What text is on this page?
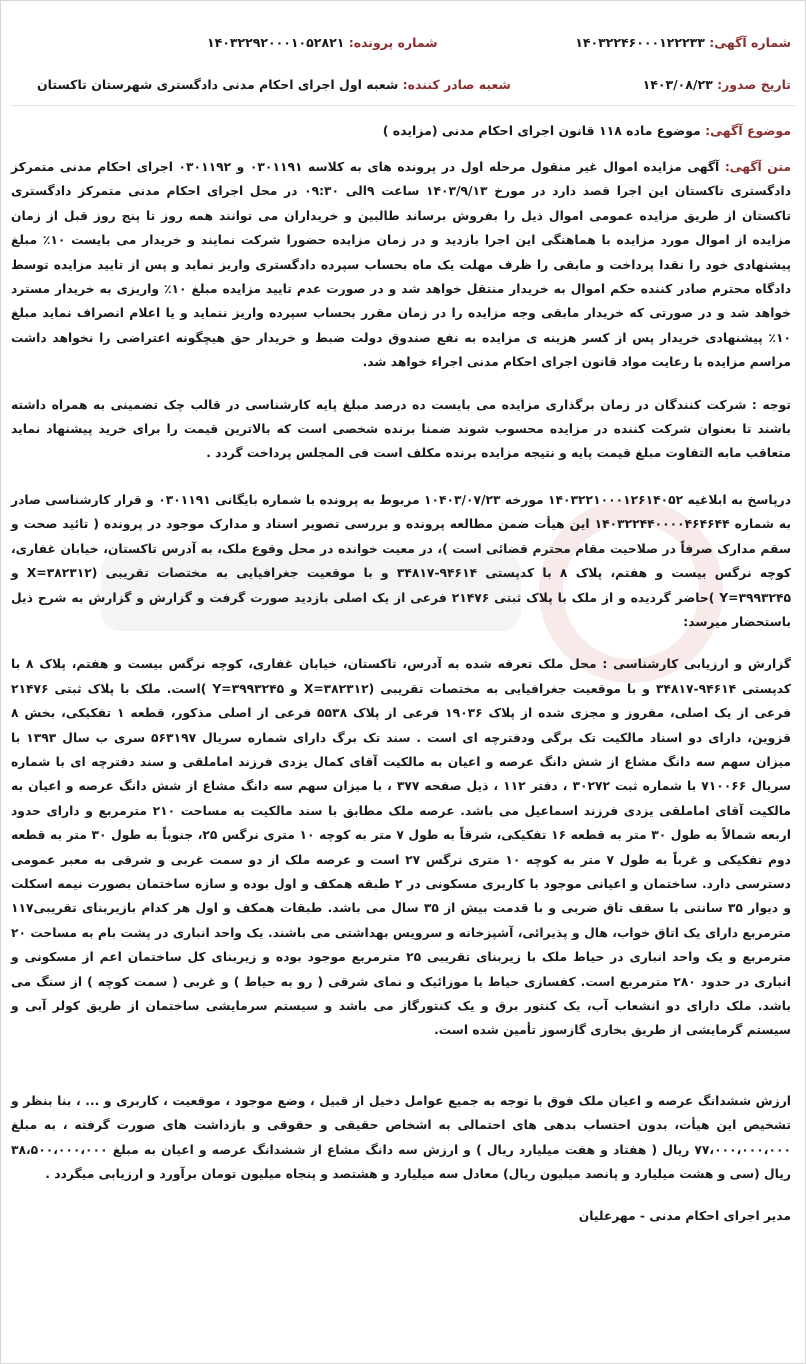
شماره آگهی: ۱۴۰۳۲۲۴۶۰۰۰۱۲۲۲۳۳
شماره پرونده: ۱۴۰۳۲۲۹۲۰۰۰۱۰۵۲۸۲۱
تاریخ صدور: ۱۴۰۳/۰۸/۲۳
شعبه صادر کننده: شعبه اول اجرای احکام مدنی دادگستری شهرستان تاکستان
موضوع آگهی: موضوع ماده ۱۱۸ قانون اجرای احکام مدنی (مزایده )

متن آگهی: آگهی مزایده اموال غیر منقول مرحله اول در پرونده های به کلاسه ۰۳۰۱۱۹۱ و ۰۳۰۱۱۹۲ اجرای احکام مدنی متمرکز دادگستری تاکستان این اجرا قصد دارد در مورخ ۱۴۰۳/۹/۱۳ ساعت ۹الی ۰۹:۳۰ در محل اجرای احکام مدنی متمرکز دادگستری تاکستان از طریق مزایده عمومی اموال ذیل را بفروش برساند طالبین و خریداران می توانند همه روز تا پنج روز قبل از زمان مزایده از اموال مورد مزایده با هماهنگی این اجرا بازدید و در زمان مزایده حضورا شرکت نمایند و خریدار می بایست ۱۰٪ مبلغ پیشنهادی خود را نقدا پرداخت و مابقی را ظرف مهلت یک ماه بحساب سپرده دادگستری واریز نماید و پس از تایید مزایده توسط دادگاه محترم صادر کننده حکم اموال به خریدار منتقل خواهد شد و در صورت عدم تایید مزایده مبلغ ۱۰٪ واریزی به خریدار مسترد خواهد شد و در صورتی که خریدار مابقی وجه مزایده را در زمان مقرر بحساب سپرده واریز ننماید و یا اعلام انصراف نماید مبلغ ۱۰٪ پیشنهادی خریدار پس از کسر هزینه ی مزایده به نفع صندوق دولت ضبط و خریدار حق هیچگونه اعتراضی را نخواهد داشت مراسم مزایده با رعایت مواد قانون اجرای احکام مدنی اجراء خواهد شد.

توجه : شرکت کنندگان در زمان برگذاری مزایده می بایست ده درصد مبلغ پایه کارشناسی در قالب چک تضمینی به همراه داشته باشند تا بعنوان شرکت کننده در مزایده محسوب شوند ضمنا برنده شخصی است که بالاترین قیمت را برای خرید پیشنهاد نماید متعاقب مابه التفاوت مبلغ قیمت پایه و نتیجه مزایده برنده مکلف است فی المجلس پرداخت گردد .

درپاسخ به ابلاغیه ۱۴۰۳۲۲۱۰۰۰۱۲۶۱۴۰۵۲ مورخه ۱۰۴۰۳/۰۷/۲۳ مربوط به پرونده با شماره بایگانی ۰۳۰۱۱۹۱ و قرار کارشناسی صادر به شماره ۱۴۰۳۲۲۴۴۰۰۰۰۴۶۴۶۴۴ این هیأت ضمن مطالعه پرونده و بررسی تصویر اسناد و مدارک موجود در پرونده ( تائید صحت و سقم مدارک صرفاً در صلاحیت مقام محترم قضائی است )، در معیت خوانده در محل وقوع ملک، به آدرس تاکستان، خیابان غفاری، کوچه نرگس بیست و هفتم، پلاک ۸ با کدپستی ۹۴۶۱۴-۳۴۸۱۷ و با موقعیت جغرافیایی به مختصات تقریبی (۳۸۲۳۱۲=X و ۳۹۹۳۲۴۵=Y )حاضر گردیده و از ملک با پلاک ثبتی ۲۱۴۷۶ فرعی از یک اصلی بازدید صورت گرفت و گزارش و گزارش به شرح ذیل باستحضار میرسد:

گزارش و ارزیابی کارشناسی : محل ملک تعرفه شده به آدرس، تاکستان، خیابان غفاری، کوچه نرگس بیست و هفتم، پلاک ۸ با کدپستی ۹۴۶۱۴-۳۴۸۱۷ و با موقعیت جغرافیایی به مختصات تقریبی (۳۸۲۳۱۲=X و ۳۹۹۳۲۴۵=Y )است. ملک با پلاک ثبتی ۲۱۴۷۶ فرعی از یک اصلی، مفروز و مجزی شده از پلاک ۱۹۰۳۶ فرعی از پلاک ۵۵۳۸ فرعی از اصلی مذکور، قطعه ۱ تفکیکی، بخش ۸ قزوین، دارای دو اسناد مالکیت تک برگی ودفترچه ای است . سند تک برگ دارای شماره سریال ۵۶۳۱۹۷ سری ب سال ۱۳۹۳ با میزان سهم سه دانگ مشاع از شش دانگ عرصه و اعیان به مالکیت آقای کمال یزدی فرزند اماملقی و سند دفترچه ای با شماره سریال ۷۱۰۰۶۶ با شماره ثبت ۳۰۲۷۲ ، دفتر ۱۱۲ ، ذیل صفحه ۳۷۷ ، با میزان سهم سه دانگ مشاع از شش دانگ عرصه و اعیان به مالکیت آقای اماملقی یزدی فرزند اسماعیل می باشد. عرصه ملک مطابق با سند مالکیت به مساحت ۲۱۰ مترمربع و دارای حدود اربعه شمالاً به طول ۳۰ متر به قطعه ۱۶ تفکیکی، شرقاً به طول ۷ متر به کوچه ۱۰ متری نرگس ۲۵، جنوباً به طول ۳۰ متر به قطعه دوم تفکیکی و غرباً به طول ۷ متر به کوچه ۱۰ متری نرگس ۲۷ است و عرصه ملک از دو سمت غربی و شرقی به معبر عمومی دسترسی دارد. ساختمان و اعیانی موجود با کاربری مسکونی در ۲ طبقه همکف و اول بوده و سازه ساختمان بصورت نیمه اسکلت و دیوار ۳۵ سانتی با سقف تاق ضربی و با قدمت بیش از ۳۵ سال می باشد. طبقات همکف و اول هر کدام بازیربنای تقریبی۱۱۷ مترمربع دارای یک اتاق خواب، هال و پذیرائی، آشپزخانه و سرویس بهداشتی می باشند. یک واحد انباری در پشت بام به مساحت ۲۰ مترمربع و یک واحد انباری در حیاط ملک با زیربنای تقریبی ۲۵ مترمربع موجود بوده و زیربنای کل ساختمان اعم از مسکونی و انباری در حدود ۲۸۰ مترمربع است. کفسازی حیاط با موزائیک و نمای شرقی ( رو به حیاط ) و غربی ( سمت کوچه ) از سنگ می باشد. ملک دارای دو انشعاب آب، یک کنتور برق و یک کنتورگاز می باشد و سیستم سرمایشی ساختمان از طریق کولر آبی و سیستم گرمایشی از طریق بخاری گازسوز تأمین شده است.

ارزش ششدانگ عرصه و اعیان ملک فوق با توجه به جمیع عوامل دخیل از قبیل ، وضع موجود ، موقعیت ، کاربری و ... ، بنا بنظر و تشخیص این هیأت، بدون احتساب بدهی های احتمالی به اشخاص حقیقی و حقوقی و بازداشت های صورت گرفته ، به مبلغ ۷۷،۰۰۰،۰۰۰،۰۰۰ ریال ( هفتاد و هفت میلیارد ریال ) و ارزش سه دانگ مشاع از ششدانگ عرصه و اعیان به مبلغ ۳۸،۵۰۰،۰۰۰،۰۰۰ ریال (سی و هشت میلیارد و پانصد میلیون ریال) معادل سه میلیارد و هشتصد و پنجاه میلیون تومان برآورد و ارزیابی میگردد .

مدیر اجرای احکام مدنی - مهرعلیان
